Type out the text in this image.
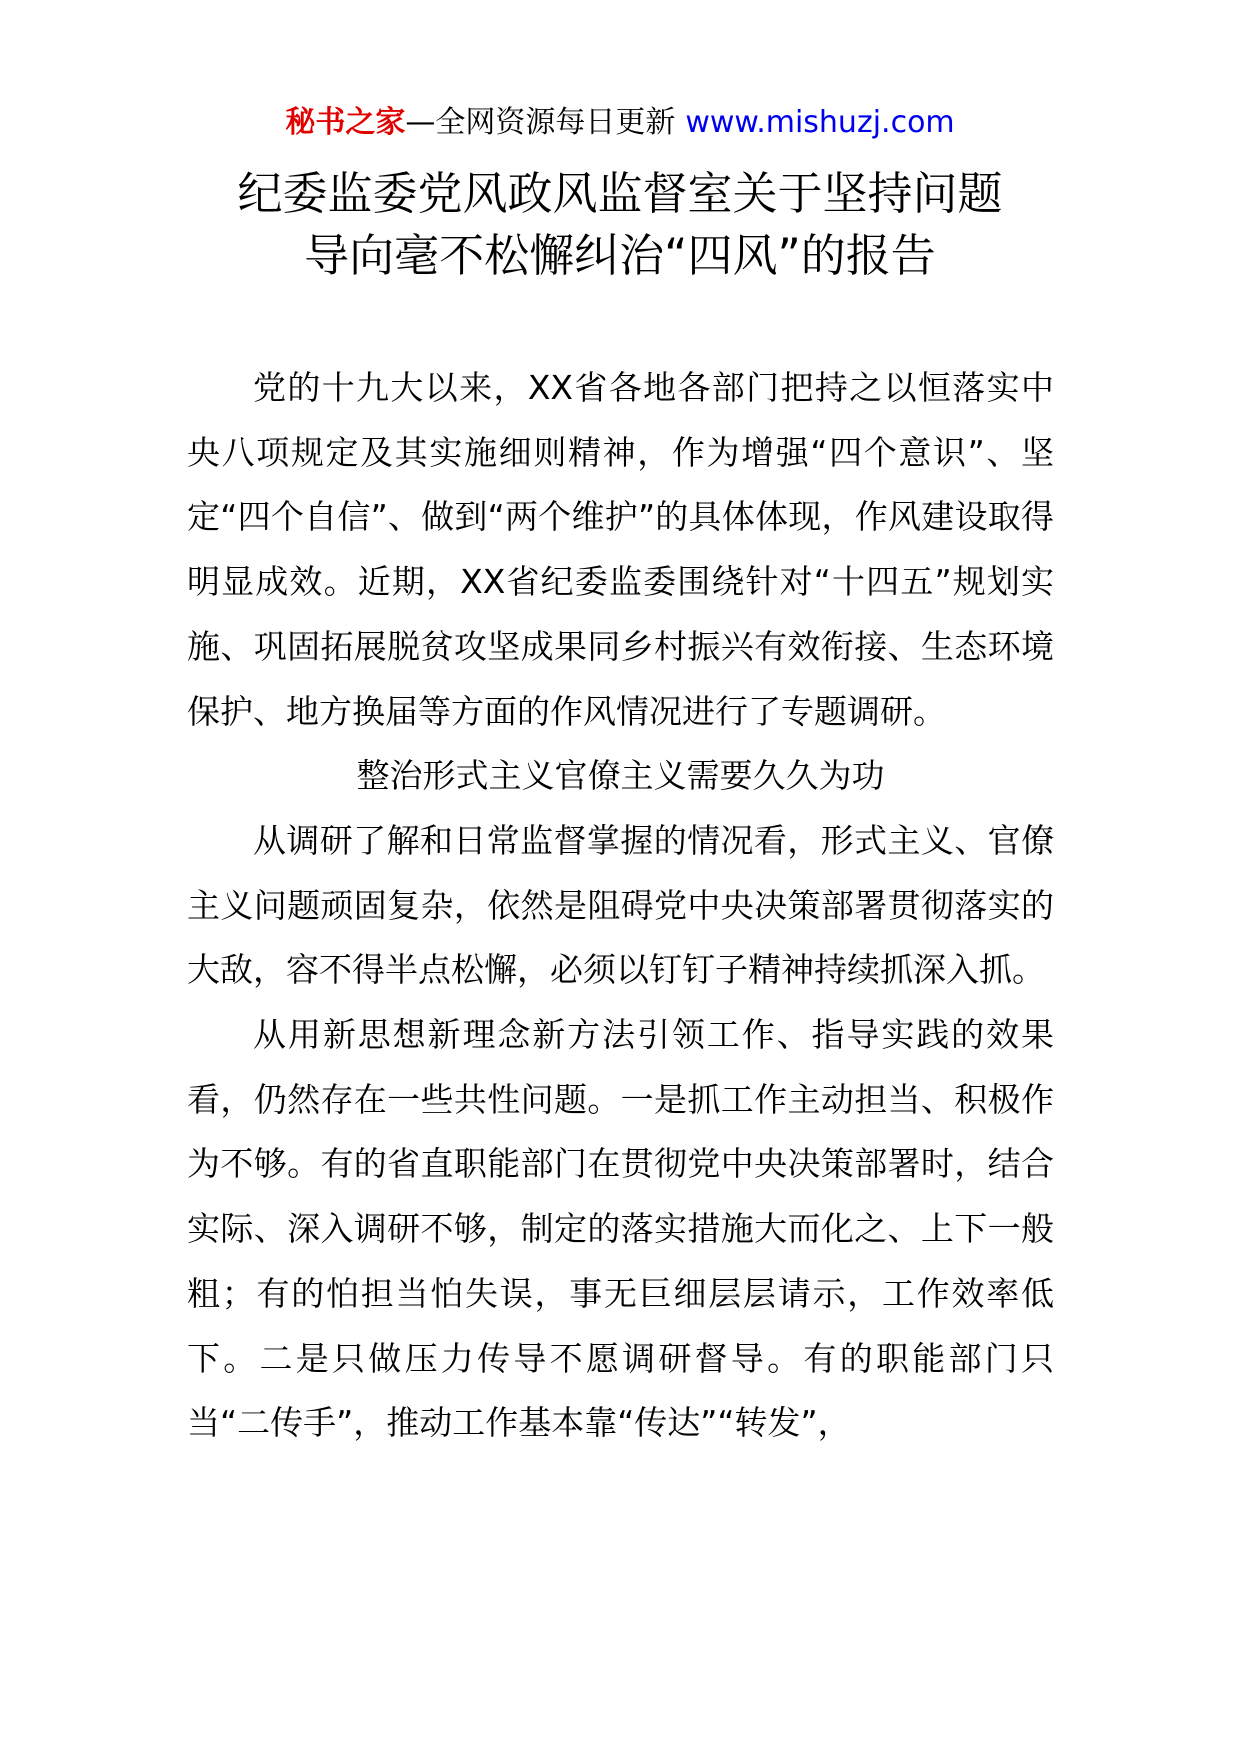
秘书之家—全网资源每日更新 www.mishuzj.com
纪委监委党风政风监督室关于坚持问题
导向毫不松懈纠治“四风”的报告

党的十九大以来，XX省各地各部门把持之以恒落实中央八项规定及其实施细则精神，作为增强“四个意识”、坚定“四个自信”、做到“两个维护”的具体体现，作风建设取得明显成效。近期，XX省纪委监委围绕针对“十四五”规划实施、巩固拓展脱贫攻坚成果同乡村振兴有效衔接、生态环境保护、地方换届等方面的作风情况进行了专题调研。

整治形式主义官僚主义需要久久为功

从调研了解和日常监督掌握的情况看，形式主义、官僚主义问题顽固复杂，依然是阻碍党中央决策部署贯彻落实的大敌，容不得半点松懈，必须以钉钉子精神持续抓深入抓。

从用新思想新理念新方法引领工作、指导实践的效果看，仍然存在一些共性问题。一是抓工作主动担当、积极作为不够。有的省直职能部门在贯彻党中央决策部署时，结合实际、深入调研不够，制定的落实措施大而化之、上下一般粗；有的怕担当怕失误，事无巨细层层请示，工作效率低下。二是只做压力传导不愿调研督导。有的职能部门只当“二传手”，推动工作基本靠“传达”“转发”，
